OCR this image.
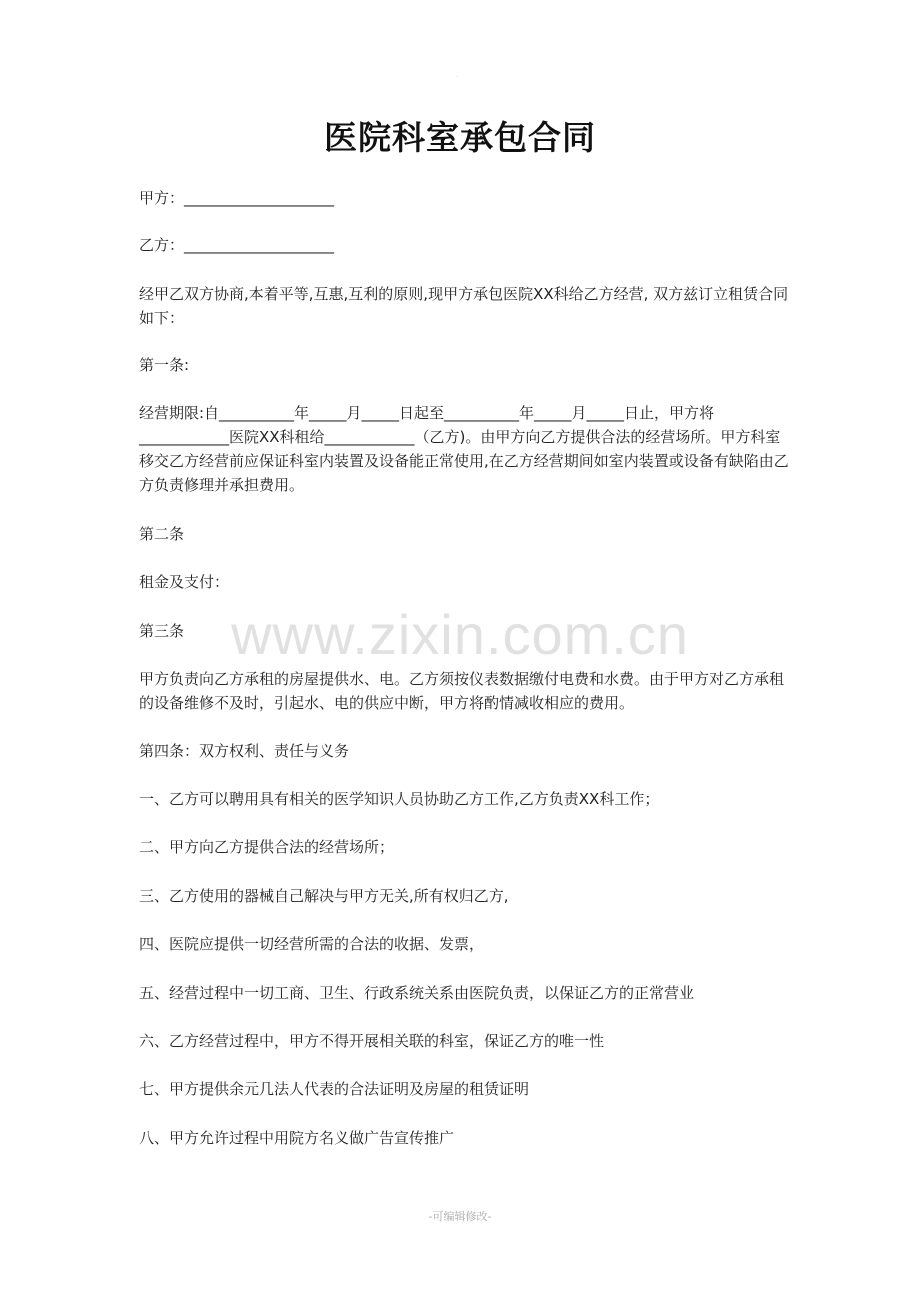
.
医院科室承包合同
甲方：____________________
乙方：____________________
经甲乙双方协商,本着平等,互惠,互利的原则,现甲方承包医院XX科给乙方经营, 双方兹订立租赁合同如下：
第一条:
经营期限:自__________年_____月_____日起至__________年_____月_____日止，甲方将____________医院XX科租给____________（乙方)。由甲方向乙方提供合法的经营场所。甲方科室移交乙方经营前应保证科室内装置及设备能正常使用,在乙方经营期间如室内装置或设备有缺陷由乙方负责修理并承担费用。
第二条
租金及支付：
www.zixin.com.cn
第三条
甲方负责向乙方承租的房屋提供水、电。乙方须按仪表数据缴付电费和水费。由于甲方对乙方承租的设备维修不及时，引起水、电的供应中断，甲方将酌情减收相应的费用。
第四条：双方权利、责任与义务
一、乙方可以聘用具有相关的医学知识人员协助乙方工作,乙方负责XX科工作；
二、甲方向乙方提供合法的经营场所；
三、乙方使用的器械自己解决与甲方无关,所有权归乙方,
四、医院应提供一切经营所需的合法的收据、发票，
五、经营过程中一切工商、卫生、行政系统关系由医院负责，以保证乙方的正常营业
六、乙方经营过程中，甲方不得开展相关联的科室，保证乙方的唯一性
七、甲方提供余元几法人代表的合法证明及房屋的租赁证明
八、甲方允许过程中用院方名义做广告宣传推广
-可编辑修改-
